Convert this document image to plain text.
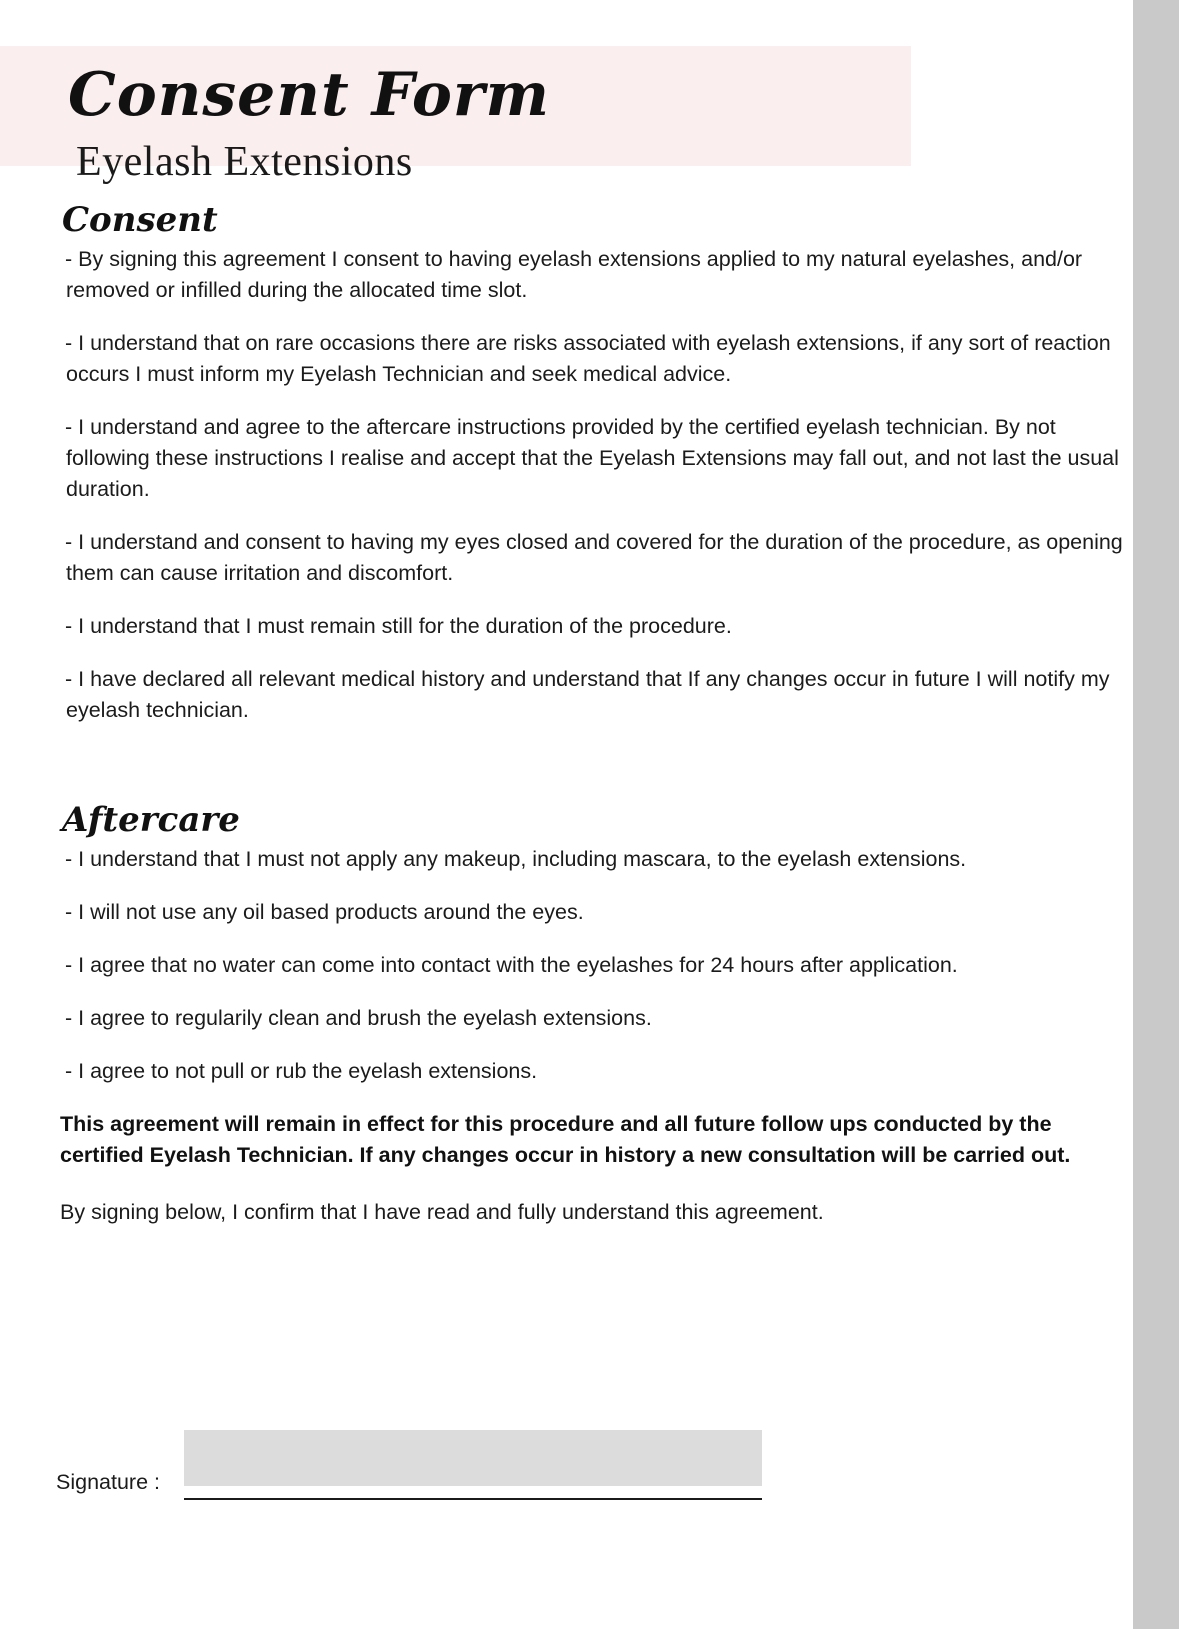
Consent Form
Eyelash Extensions
Consent

- By signing this agreement I consent to having eyelash extensions applied to my natural eyelashes, and/or removed or infilled during the allocated time slot.

- I understand that on rare occasions there are risks associated with eyelash extensions, if any sort of reaction occurs I must inform my Eyelash Technician and seek medical advice.

- I understand and agree to the aftercare instructions provided by the certified eyelash technician. By not following these instructions I realise and accept that the Eyelash Extensions may fall out, and not last the usual duration.

- I understand and consent to having my eyes closed and covered for the duration of the procedure, as opening them can cause irritation and discomfort.

- I understand that I must remain still for the duration of the procedure.

- I have declared all relevant medical history and understand that If any changes occur in future I will notify my eyelash technician.

Aftercare

- I understand that I must not apply any makeup, including mascara, to the eyelash extensions.

- I will not use any oil based products around the eyes.

- I agree that no water can come into contact with the eyelashes for 24 hours after application.

- I agree to regularily clean and brush the eyelash extensions.

- I agree to not pull or rub the eyelash extensions.

This agreement will remain in effect for this procedure and all future follow ups conducted by the certified Eyelash Technician. If any changes occur in history a new consultation will be carried out.

By signing below, I confirm that I have read and fully understand this agreement.

Signature :
